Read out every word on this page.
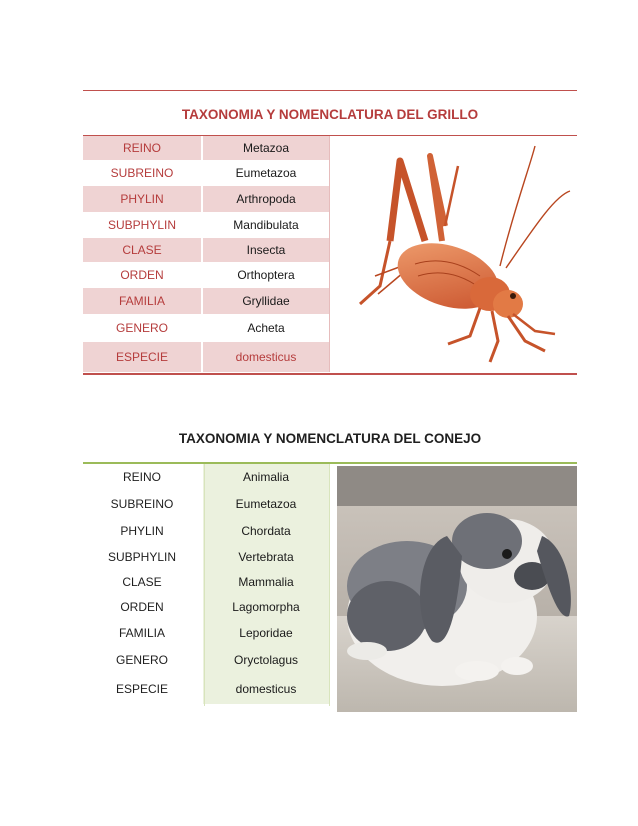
TAXONOMIA Y NOMENCLATURA DEL GRILLO
REINO	Metazoa
SUBREINO	Eumetazoa
PHYLIN	Arthropoda
SUBPHYLIN	Mandibulata
CLASE	Insecta
ORDEN	Orthoptera
FAMILIA	Gryllidae
GENERO	Acheta
ESPECIE	domesticus
TAXONOMIA Y NOMENCLATURA DEL CONEJO
REINO	Animalia
SUBREINO	Eumetazoa
PHYLIN	Chordata
SUBPHYLIN	Vertebrata
CLASE	Mammalia
ORDEN	Lagomorpha
FAMILIA	Leporidae
GENERO	Oryctolagus
ESPECIE	domesticus
